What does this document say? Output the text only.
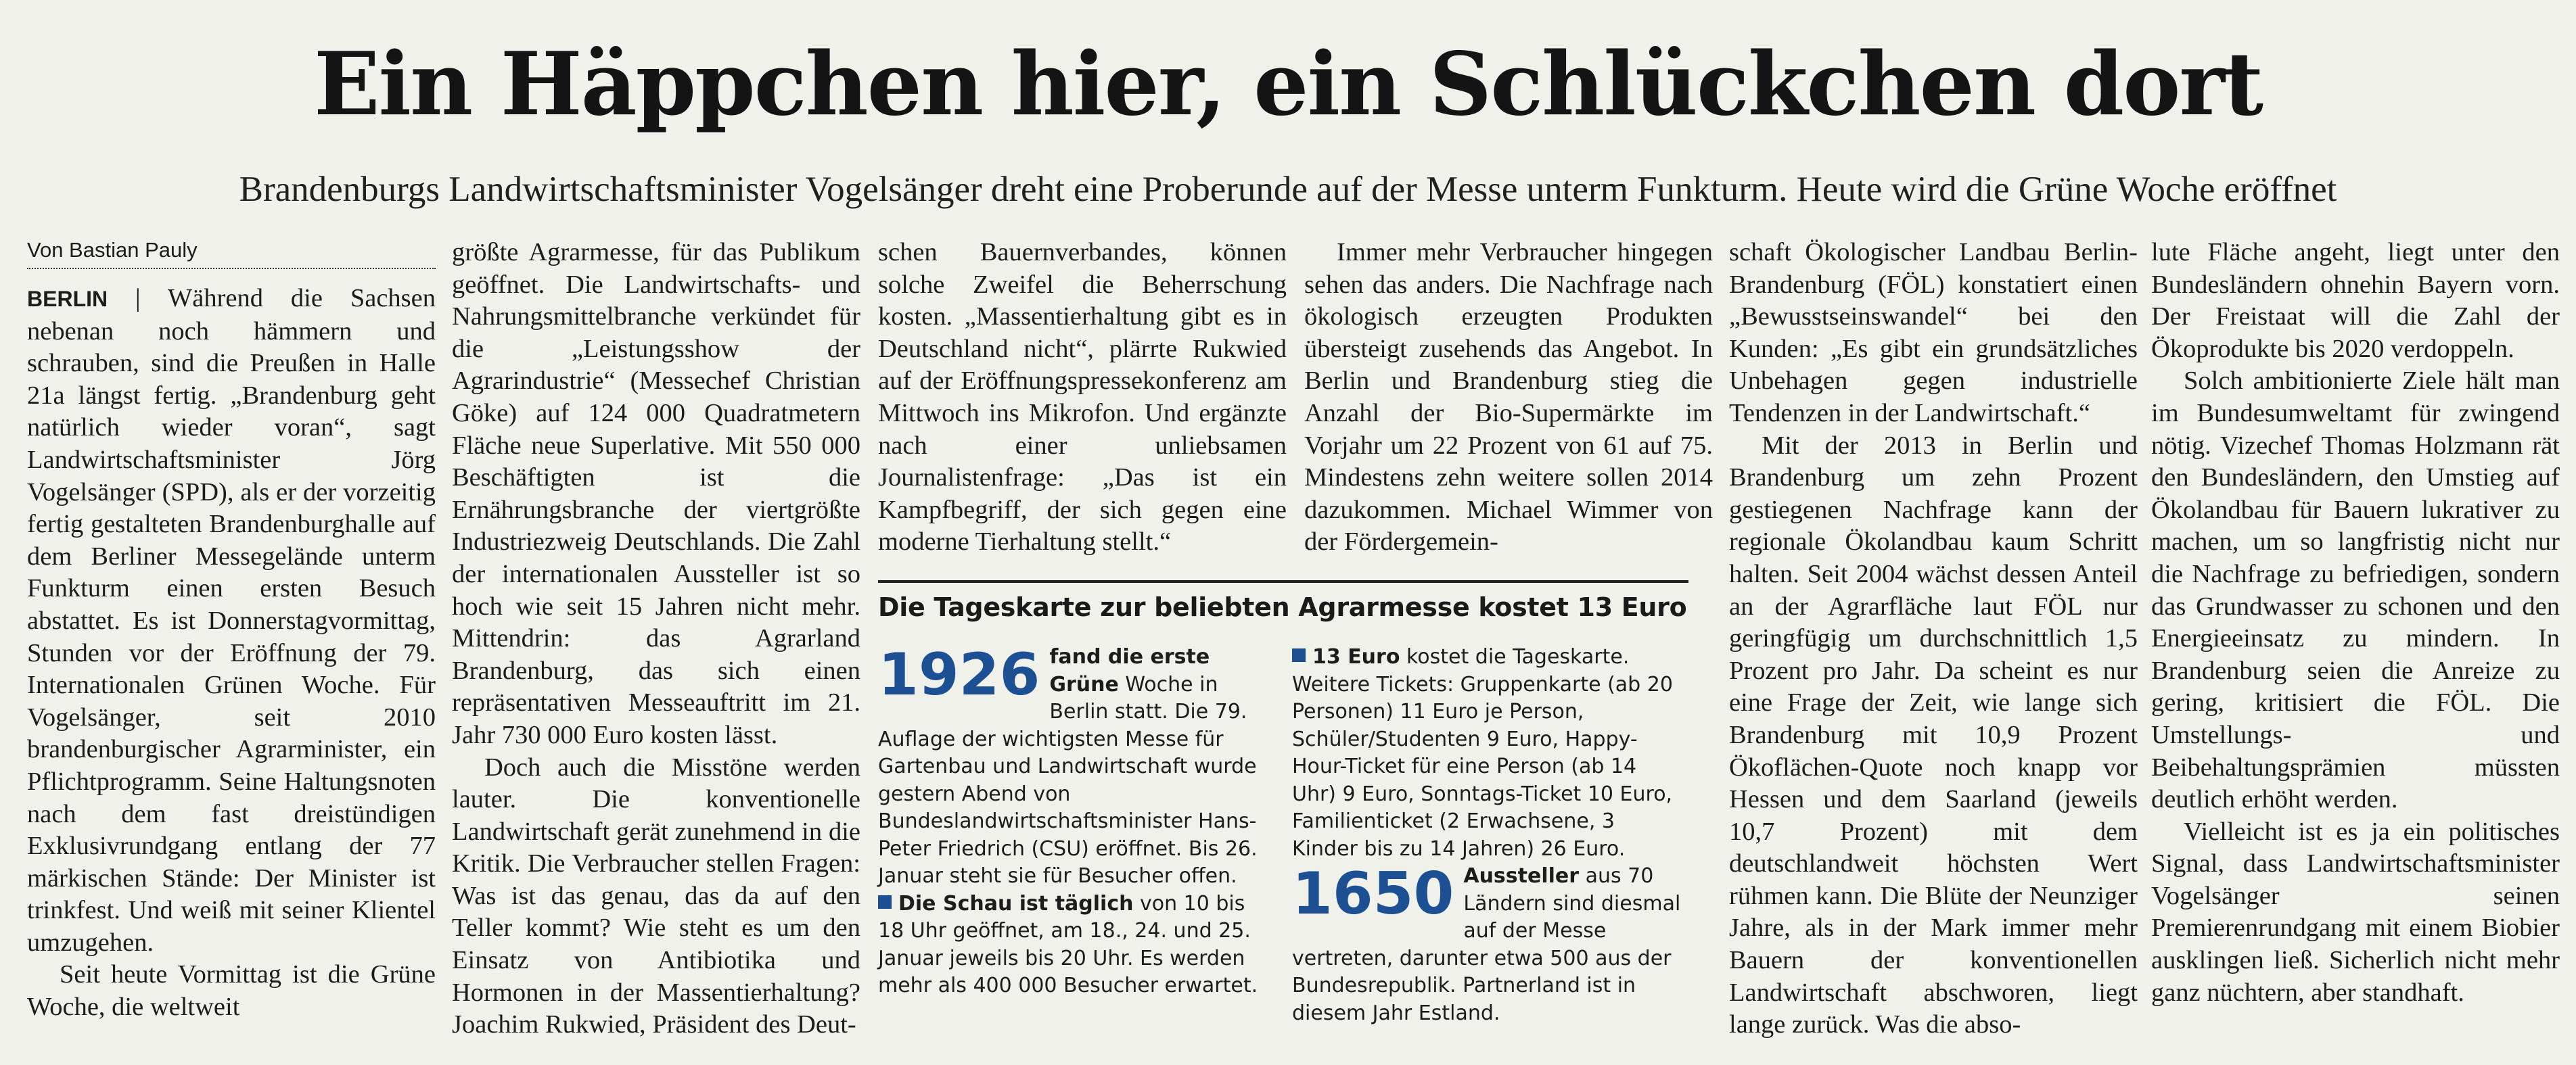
Ein Häppchen hier, ein Schlückchen dort
Brandenburgs Landwirtschaftsminister Vogelsänger dreht eine Proberunde auf der Messe unterm Funkturm. Heute wird die Grüne Woche eröffnet
Von Bastian Pauly

BERLIN | Während die Sachsen nebenan noch hämmern und schrauben, sind die Preußen in Halle 21a längst fertig. „Brandenburg geht natürlich wieder voran“, sagt Landwirtschaftsminister Jörg Vogelsänger (SPD), als er der vorzeitig fertig gestalteten Brandenburghalle auf dem Berliner Messegelände unterm Funkturm einen ersten Besuch abstattet. Es ist Donnerstagvormittag, Stunden vor der Eröffnung der 79. Internationalen Grünen Woche. Für Vogelsänger, seit 2010 brandenburgischer Agrarminister, ein Pflichtprogramm. Seine Haltungsnoten nach dem fast dreistündigen Exklusivrundgang entlang der 77 märkischen Stände: Der Minister ist trinkfest. Und weiß mit seiner Klientel umzugehen.

Seit heute Vormittag ist die Grüne Woche, die weltweit

größte Agrarmesse, für das Publikum geöffnet. Die Landwirtschafts- und Nahrungsmittelbranche verkündet für die „Leistungsshow der Agrarindustrie“ (Messechef Christian Göke) auf 124 000 Quadratmetern Fläche neue Superlative. Mit 550 000 Beschäftigten ist die Ernährungsbranche der viertgrößte Industriezweig Deutschlands. Die Zahl der internationalen Aussteller ist so hoch wie seit 15 Jahren nicht mehr. Mittendrin: das Agrarland Brandenburg, das sich einen repräsentativen Messeauftritt im 21. Jahr 730 000 Euro kosten lässt.

Doch auch die Misstöne werden lauter. Die konventionelle Landwirtschaft gerät zunehmend in die Kritik. Die Verbraucher stellen Fragen: Was ist das genau, das da auf den Teller kommt? Wie steht es um den Einsatz von Antibiotika und Hormonen in der Massentierhaltung? Joachim Rukwied, Präsident des Deut-

schen Bauernverbandes, können solche Zweifel die Beherrschung kosten. „Massentierhaltung gibt es in Deutschland nicht“, plärrte Rukwied auf der Eröffnungspressekonferenz am Mittwoch ins Mikrofon. Und ergänzte nach einer unliebsamen Journalistenfrage: „Das ist ein Kampfbegriff, der sich gegen eine moderne Tierhaltung stellt.“

Immer mehr Verbraucher hingegen sehen das anders. Die Nachfrage nach ökologisch erzeugten Produkten übersteigt zusehends das Angebot. In Berlin und Brandenburg stieg die Anzahl der Bio-Supermärkte im Vorjahr um 22 Prozent von 61 auf 75. Mindestens zehn weitere sollen 2014 dazukommen. Michael Wimmer von der Fördergemein-

schaft Ökologischer Landbau Berlin-Brandenburg (FÖL) konstatiert einen „Bewusstseinswandel“ bei den Kunden: „Es gibt ein grundsätzliches Unbehagen gegen industrielle Tendenzen in der Landwirtschaft.“

Mit der 2013 in Berlin und Brandenburg um zehn Prozent gestiegenen Nachfrage kann der regionale Ökolandbau kaum Schritt halten. Seit 2004 wächst dessen Anteil an der Agrarfläche laut FÖL nur geringfügig um durchschnittlich 1,5 Prozent pro Jahr. Da scheint es nur eine Frage der Zeit, wie lange sich Brandenburg mit 10,9 Prozent Ökoflächen-Quote noch knapp vor Hessen und dem Saarland (jeweils 10,7 Prozent) mit dem deutschlandweit höchsten Wert rühmen kann. Die Blüte der Neunziger Jahre, als in der Mark immer mehr Bauern der konventionellen Landwirtschaft abschworen, liegt lange zurück. Was die abso-

lute Fläche angeht, liegt unter den Bundesländern ohnehin Bayern vorn. Der Freistaat will die Zahl der Ökoprodukte bis 2020 verdoppeln.

Solch ambitionierte Ziele hält man im Bundesumweltamt für zwingend nötig. Vizechef Thomas Holzmann rät den Bundesländern, den Umstieg auf Ökolandbau für Bauern lukrativer zu machen, um so langfristig nicht nur die Nachfrage zu befriedigen, sondern das Grundwasser zu schonen und den Energieeinsatz zu mindern. In Brandenburg seien die Anreize zu gering, kritisiert die FÖL. Die Umstellungs- und Beibehaltungsprämien müssten deutlich erhöht werden.

Vielleicht ist es ja ein politisches Signal, dass Landwirtschaftsminister Vogelsänger seinen Premierenrundgang mit einem Biobier ausklingen ließ. Sicherlich nicht mehr ganz nüchtern, aber standhaft.

Die Tageskarte zur beliebten Agrarmesse kostet 13 Euro

1926 fand die erste Grüne Woche in Berlin statt. Die 79. Auflage der wichtigsten Messe für Gartenbau und Landwirtschaft wurde gestern Abend von Bundeslandwirtschaftsminister Hans-Peter Friedrich (CSU) eröffnet. Bis 26. Januar steht sie für Besucher offen.

Die Schau ist täglich von 10 bis 18 Uhr geöffnet, am 18., 24. und 25. Januar jeweils bis 20 Uhr. Es werden mehr als 400 000 Besucher erwartet.

13 Euro kostet die Tageskarte. Weitere Tickets: Gruppenkarte (ab 20 Personen) 11 Euro je Person, Schüler/Studenten 9 Euro, Happy-Hour-Ticket für eine Person (ab 14 Uhr) 9 Euro, Sonntags-Ticket 10 Euro, Familienticket (2 Erwachsene, 3 Kinder bis zu 14 Jahren) 26 Euro.

1650 Aussteller aus 70 Ländern sind diesmal auf der Messe vertreten, darunter etwa 500 aus der Bundesrepublik. Partnerland ist in diesem Jahr Estland.
